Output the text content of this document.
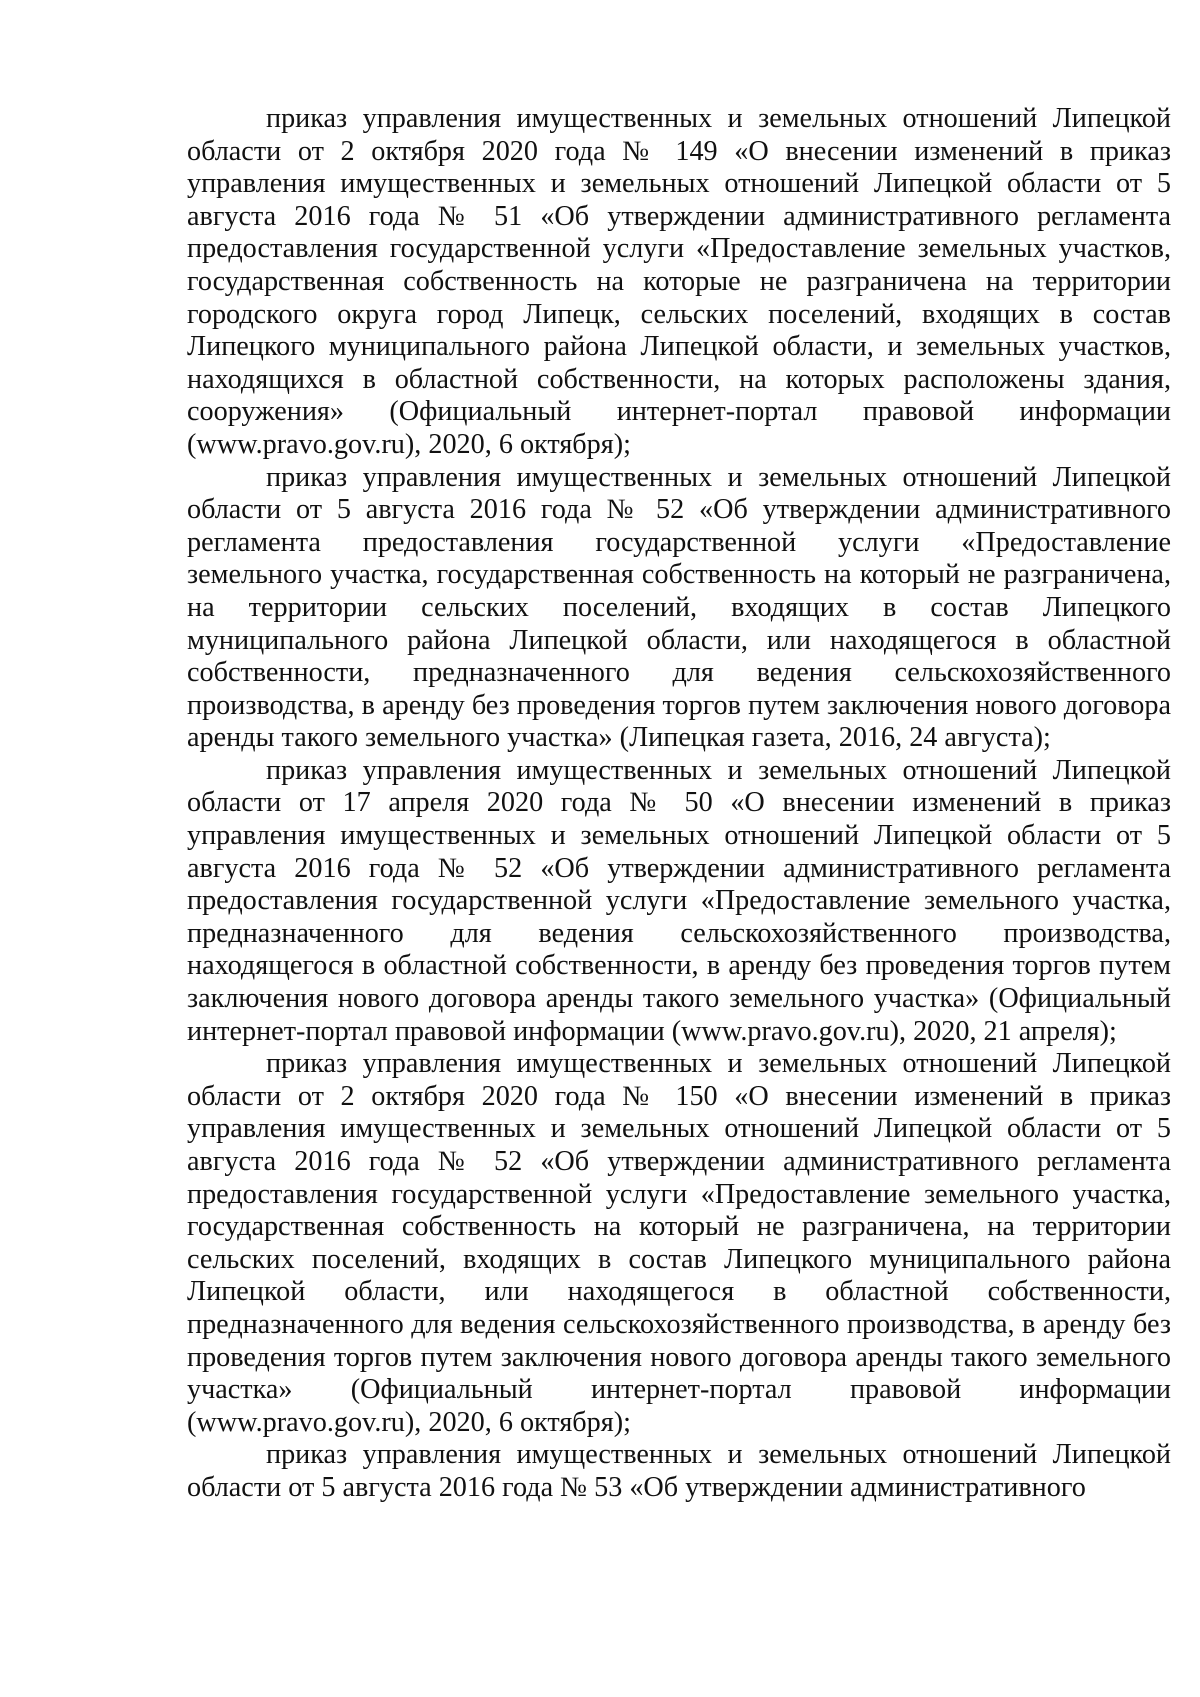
приказ управления имущественных и земельных отношений Липецкой области от 2 октября 2020 года № 149 «О внесении изменений в приказ управления имущественных и земельных отношений Липецкой области от 5 августа 2016 года № 51 «Об утверждении административного регламента предоставления государственной услуги «Предоставление земельных участков, государственная собственность на которые не разграничена на территории городского округа город Липецк, сельских поселений, входящих в состав Липецкого муниципального района Липецкой области, и земельных участков, находящихся в областной собственности, на которых расположены здания, сооружения» (Официальный интернет-портал правовой информации (www.pravo.gov.ru), 2020, 6 октября);

приказ управления имущественных и земельных отношений Липецкой области от 5 августа 2016 года № 52 «Об утверждении административного регламента предоставления государственной услуги «Предоставление земельного участка, государственная собственность на который не разграничена, на территории сельских поселений, входящих в состав Липецкого муниципального района Липецкой области, или находящегося в областной собственности, предназначенного для ведения сельскохозяйственного производства, в аренду без проведения торгов путем заключения нового договора аренды такого земельного участка» (Липецкая газета, 2016, 24 августа);

приказ управления имущественных и земельных отношений Липецкой области от 17 апреля 2020 года № 50 «О внесении изменений в приказ управления имущественных и земельных отношений Липецкой области от 5 августа 2016 года № 52 «Об утверждении административного регламента предоставления государственной услуги «Предоставление земельного участка, предназначенного для ведения сельскохозяйственного производства, находящегося в областной собственности, в аренду без проведения торгов путем заключения нового договора аренды такого земельного участка» (Официальный интернет-портал правовой информации (www.pravo.gov.ru), 2020, 21 апреля);

приказ управления имущественных и земельных отношений Липецкой области от 2 октября 2020 года № 150 «О внесении изменений в приказ управления имущественных и земельных отношений Липецкой области от 5 августа 2016 года № 52 «Об утверждении административного регламента предоставления государственной услуги «Предоставление земельного участка, государственная собственность на который не разграничена, на территории сельских поселений, входящих в состав Липецкого муниципального района Липецкой области, или находящегося в областной собственности, предназначенного для ведения сельскохозяйственного производства, в аренду без проведения торгов путем заключения нового договора аренды такого земельного участка» (Официальный интернет-портал правовой информации (www.pravo.gov.ru), 2020, 6 октября);

приказ управления имущественных и земельных отношений Липецкой области от 5 августа 2016 года № 53 «Об утверждении административного
